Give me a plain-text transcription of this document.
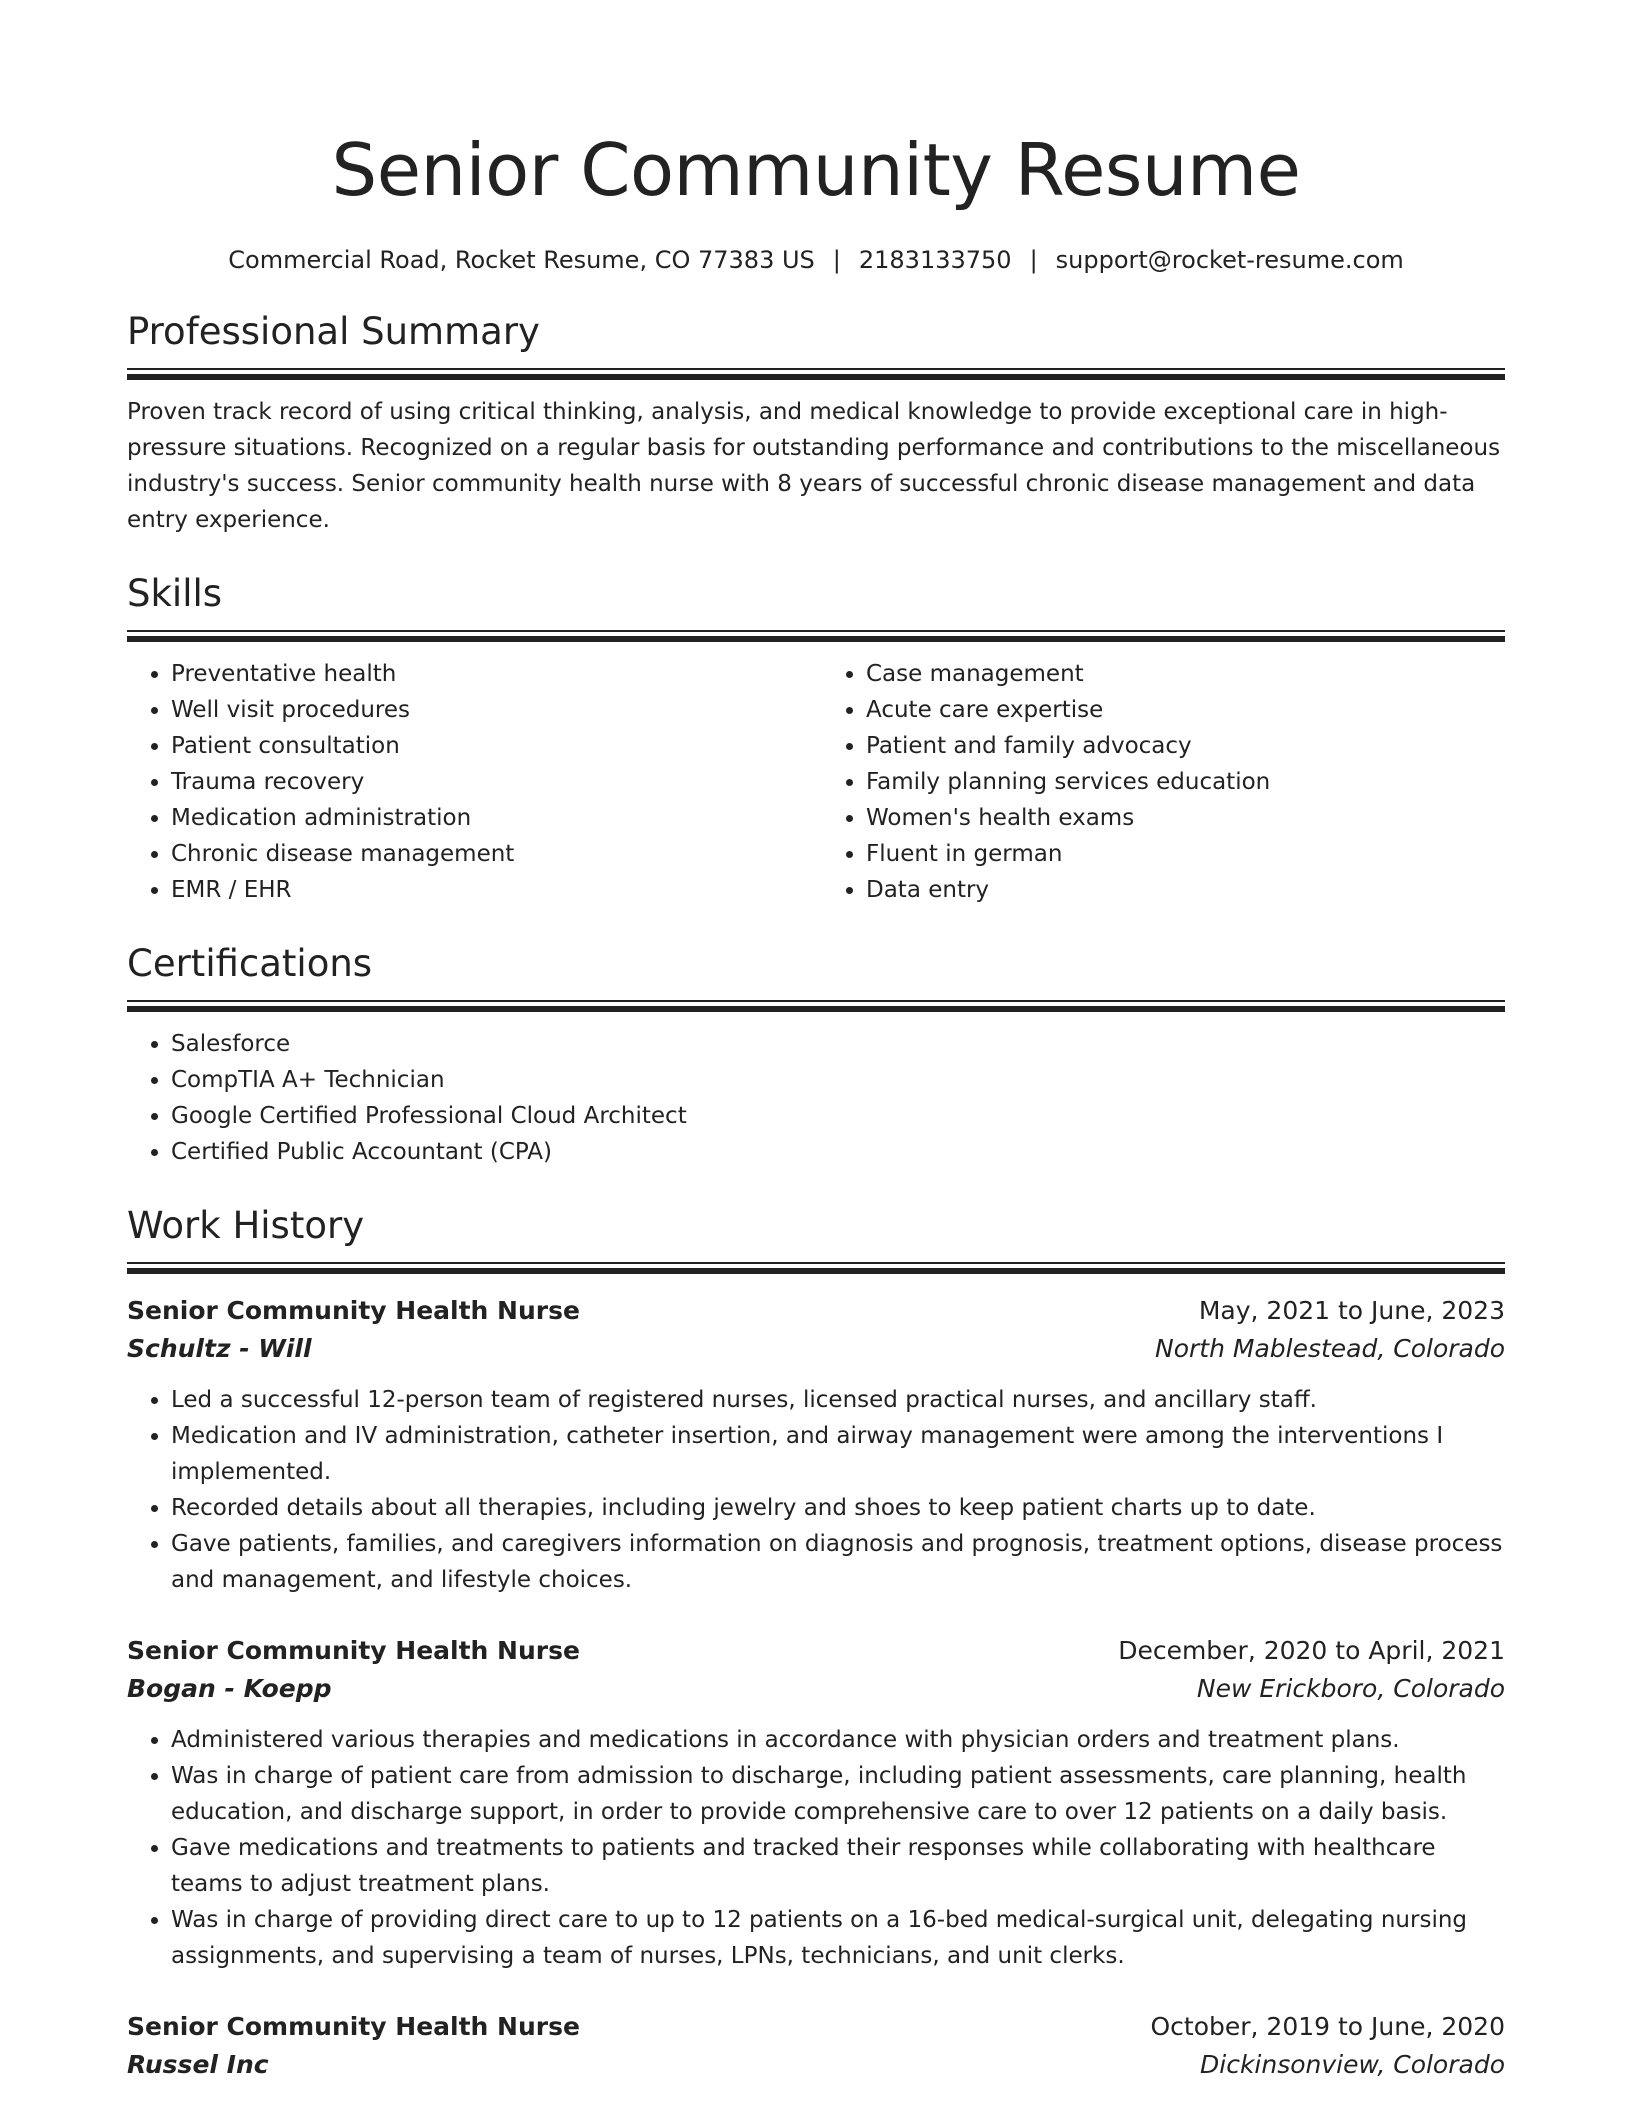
Senior Community Resume
Commercial Road, Rocket Resume, CO 77383 US | 2183133750 | support@rocket-resume.com
Professional Summary

Proven track record of using critical thinking, analysis, and medical knowledge to provide exceptional care in high-pressure situations. Recognized on a regular basis for outstanding performance and contributions to the miscellaneous industry's success. Senior community health nurse with 8 years of successful chronic disease management and data entry experience.

Skills
• Preventative health
• Well visit procedures
• Patient consultation
• Trauma recovery
• Medication administration
• Chronic disease management
• EMR / EHR
• Case management
• Acute care expertise
• Patient and family advocacy
• Family planning services education
• Women's health exams
• Fluent in german
• Data entry
Certifications
• Salesforce
• CompTIA A+ Technician
• Google Certified Professional Cloud Architect
• Certified Public Accountant (CPA)
Work History
Senior Community Health Nurse	May, 2021 to June, 2023
Schultz - Will	North Mablestead, Colorado
• Led a successful 12-person team of registered nurses, licensed practical nurses, and ancillary staff.
• Medication and IV administration, catheter insertion, and airway management were among the interventions I implemented.
• Recorded details about all therapies, including jewelry and shoes to keep patient charts up to date.
• Gave patients, families, and caregivers information on diagnosis and prognosis, treatment options, disease process and management, and lifestyle choices.
Senior Community Health Nurse	December, 2020 to April, 2021
Bogan - Koepp	New Erickboro, Colorado
• Administered various therapies and medications in accordance with physician orders and treatment plans.
• Was in charge of patient care from admission to discharge, including patient assessments, care planning, health education, and discharge support, in order to provide comprehensive care to over 12 patients on a daily basis.
• Gave medications and treatments to patients and tracked their responses while collaborating with healthcare teams to adjust treatment plans.
• Was in charge of providing direct care to up to 12 patients on a 16-bed medical-surgical unit, delegating nursing assignments, and supervising a team of nurses, LPNs, technicians, and unit clerks.
Senior Community Health Nurse	October, 2019 to June, 2020
Russel Inc	Dickinsonview, Colorado
